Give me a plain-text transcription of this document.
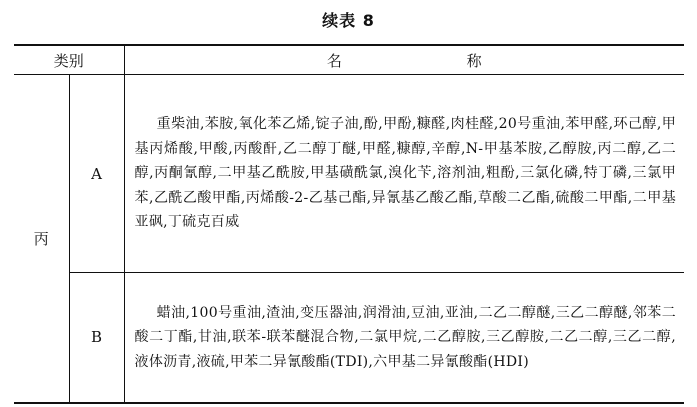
续表 8
类别		名 称
丙	A	重柴油,苯胺,氧化苯乙烯,锭子油,酚,甲酚,糠醛,肉桂醛,20号重油,苯甲醛,环己醇,甲基丙烯酸,甲酸,丙酸酐,乙二醇丁醚,甲醛,糠醇,辛醇,N-甲基苯胺,乙醇胺,丙二醇,乙二醇,丙酮氰醇,二甲基乙酰胺,甲基磺酰氯,溴化苄,溶剂油,粗酚,三氯化磷,特丁磷,三氯甲苯,乙酰乙酸甲酯,丙烯酸-2-乙基己酯,异氰基乙酸乙酯,草酸二乙酯,硫酸二甲酯,二甲基亚砜,丁硫克百威
	B	蜡油,100号重油,渣油,变压器油,润滑油,豆油,亚油,二乙二醇醚,三乙二醇醚,邻苯二酸二丁酯,甘油,联苯-联苯醚混合物,二氯甲烷,二乙醇胺,三乙醇胺,二乙二醇,三乙二醇,液体沥青,液硫,甲苯二异氰酸酯(TDI),六甲基二异氰酸酯(HDI)
